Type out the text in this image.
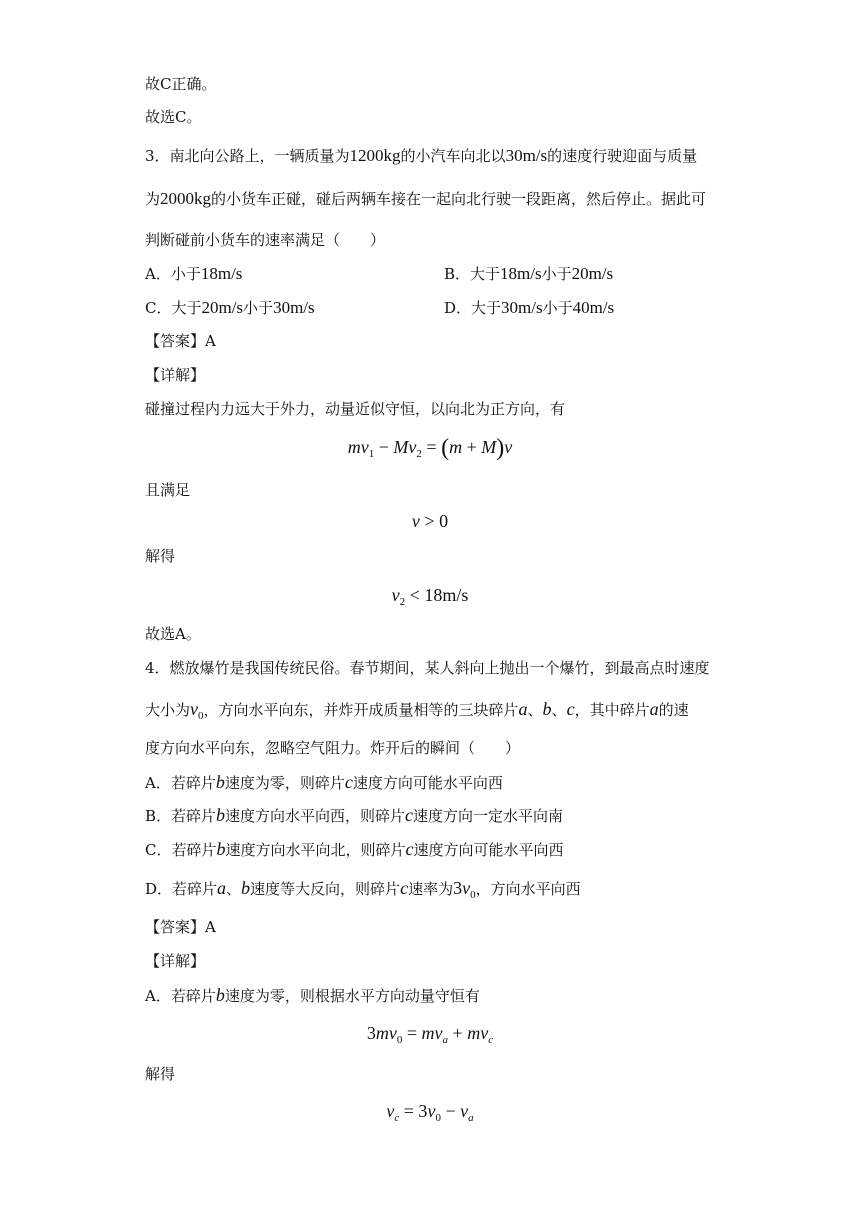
故C正确。
故选C。
3．南北向公路上，一辆质量为1200kg的小汽车向北以30m/s的速度行驶迎面与质量
为2000kg的小货车正碰，碰后两辆车接在一起向北行驶一段距离，然后停止。据此可
判断碰前小货车的速率满足（　　）
A．小于18m/s	B．大于18m/s小于20m/s
C．大于20m/s小于30m/s	D．大于30m/s小于40m/s
【答案】A
【详解】
碰撞过程内力远大于外力，动量近似守恒，以向北为正方向，有
$mv_1 - Mv_2 = (m + M)v$
且满足
v > 0
解得
$v_2 < 18m/s$
故选A。
4．燃放爆竹是我国传统民俗。春节期间，某人斜向上抛出一个爆竹，到最高点时速度
大小为$v_0$，方向水平向东，并炸开成质量相等的三块碎片a、b、c，其中碎片a的速
度方向水平向东，忽略空气阻力。炸开后的瞬间（　　）
A．若碎片b速度为零，则碎片c速度方向可能水平向西
B．若碎片b速度方向水平向西，则碎片c速度方向一定水平向南
C．若碎片b速度方向水平向北，则碎片c速度方向可能水平向西
D．若碎片a、b速度等大反向，则碎片c速率为$3v_0$，方向水平向西
【答案】A
【详解】
A．若碎片b速度为零，则根据水平方向动量守恒有
$3mv_0 = mv_a + mv_c$
解得
$v_c = 3v_0 - v_a$
